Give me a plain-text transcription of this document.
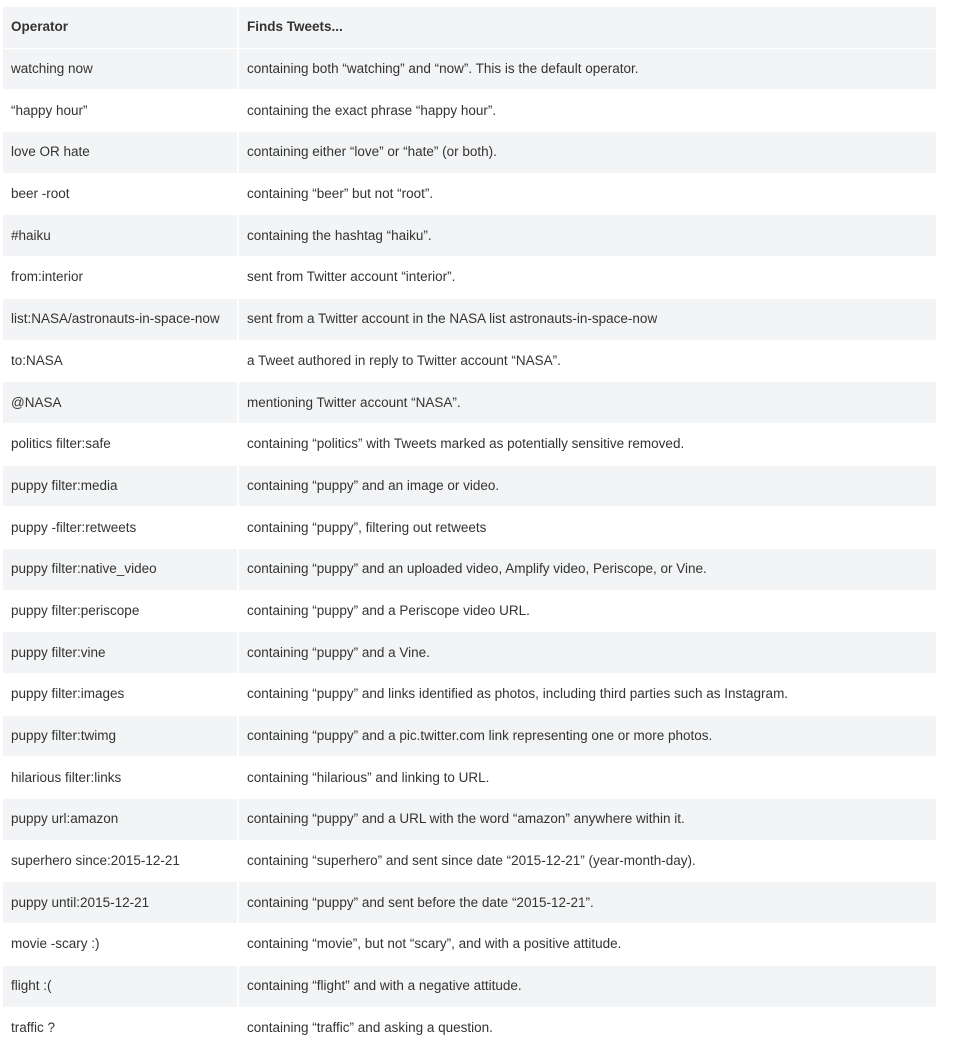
Operator	Finds Tweets...
watching now	containing both “watching” and “now”. This is the default operator.
“happy hour”	containing the exact phrase “happy hour”.
love OR hate	containing either “love” or “hate” (or both).
beer -root	containing “beer” but not “root”.
#haiku	containing the hashtag “haiku”.
from:interior	sent from Twitter account “interior”.
list:NASA/astronauts-in-space-now	sent from a Twitter account in the NASA list astronauts-in-space-now
to:NASA	a Tweet authored in reply to Twitter account “NASA”.
@NASA	mentioning Twitter account “NASA”.
politics filter:safe	containing “politics” with Tweets marked as potentially sensitive removed.
puppy filter:media	containing “puppy” and an image or video.
puppy -filter:retweets	containing “puppy”, filtering out retweets
puppy filter:native_video	containing “puppy” and an uploaded video, Amplify video, Periscope, or Vine.
puppy filter:periscope	containing “puppy” and a Periscope video URL.
puppy filter:vine	containing “puppy” and a Vine.
puppy filter:images	containing “puppy” and links identified as photos, including third parties such as Instagram.
puppy filter:twimg	containing “puppy” and a pic.twitter.com link representing one or more photos.
hilarious filter:links	containing “hilarious” and linking to URL.
puppy url:amazon	containing “puppy” and a URL with the word “amazon” anywhere within it.
superhero since:2015-12-21	containing “superhero” and sent since date “2015-12-21” (year-month-day).
puppy until:2015-12-21	containing “puppy” and sent before the date “2015-12-21”.
movie -scary :)	containing “movie”, but not “scary”, and with a positive attitude.
flight :(	containing “flight” and with a negative attitude.
traffic ?	containing “traffic” and asking a question.
